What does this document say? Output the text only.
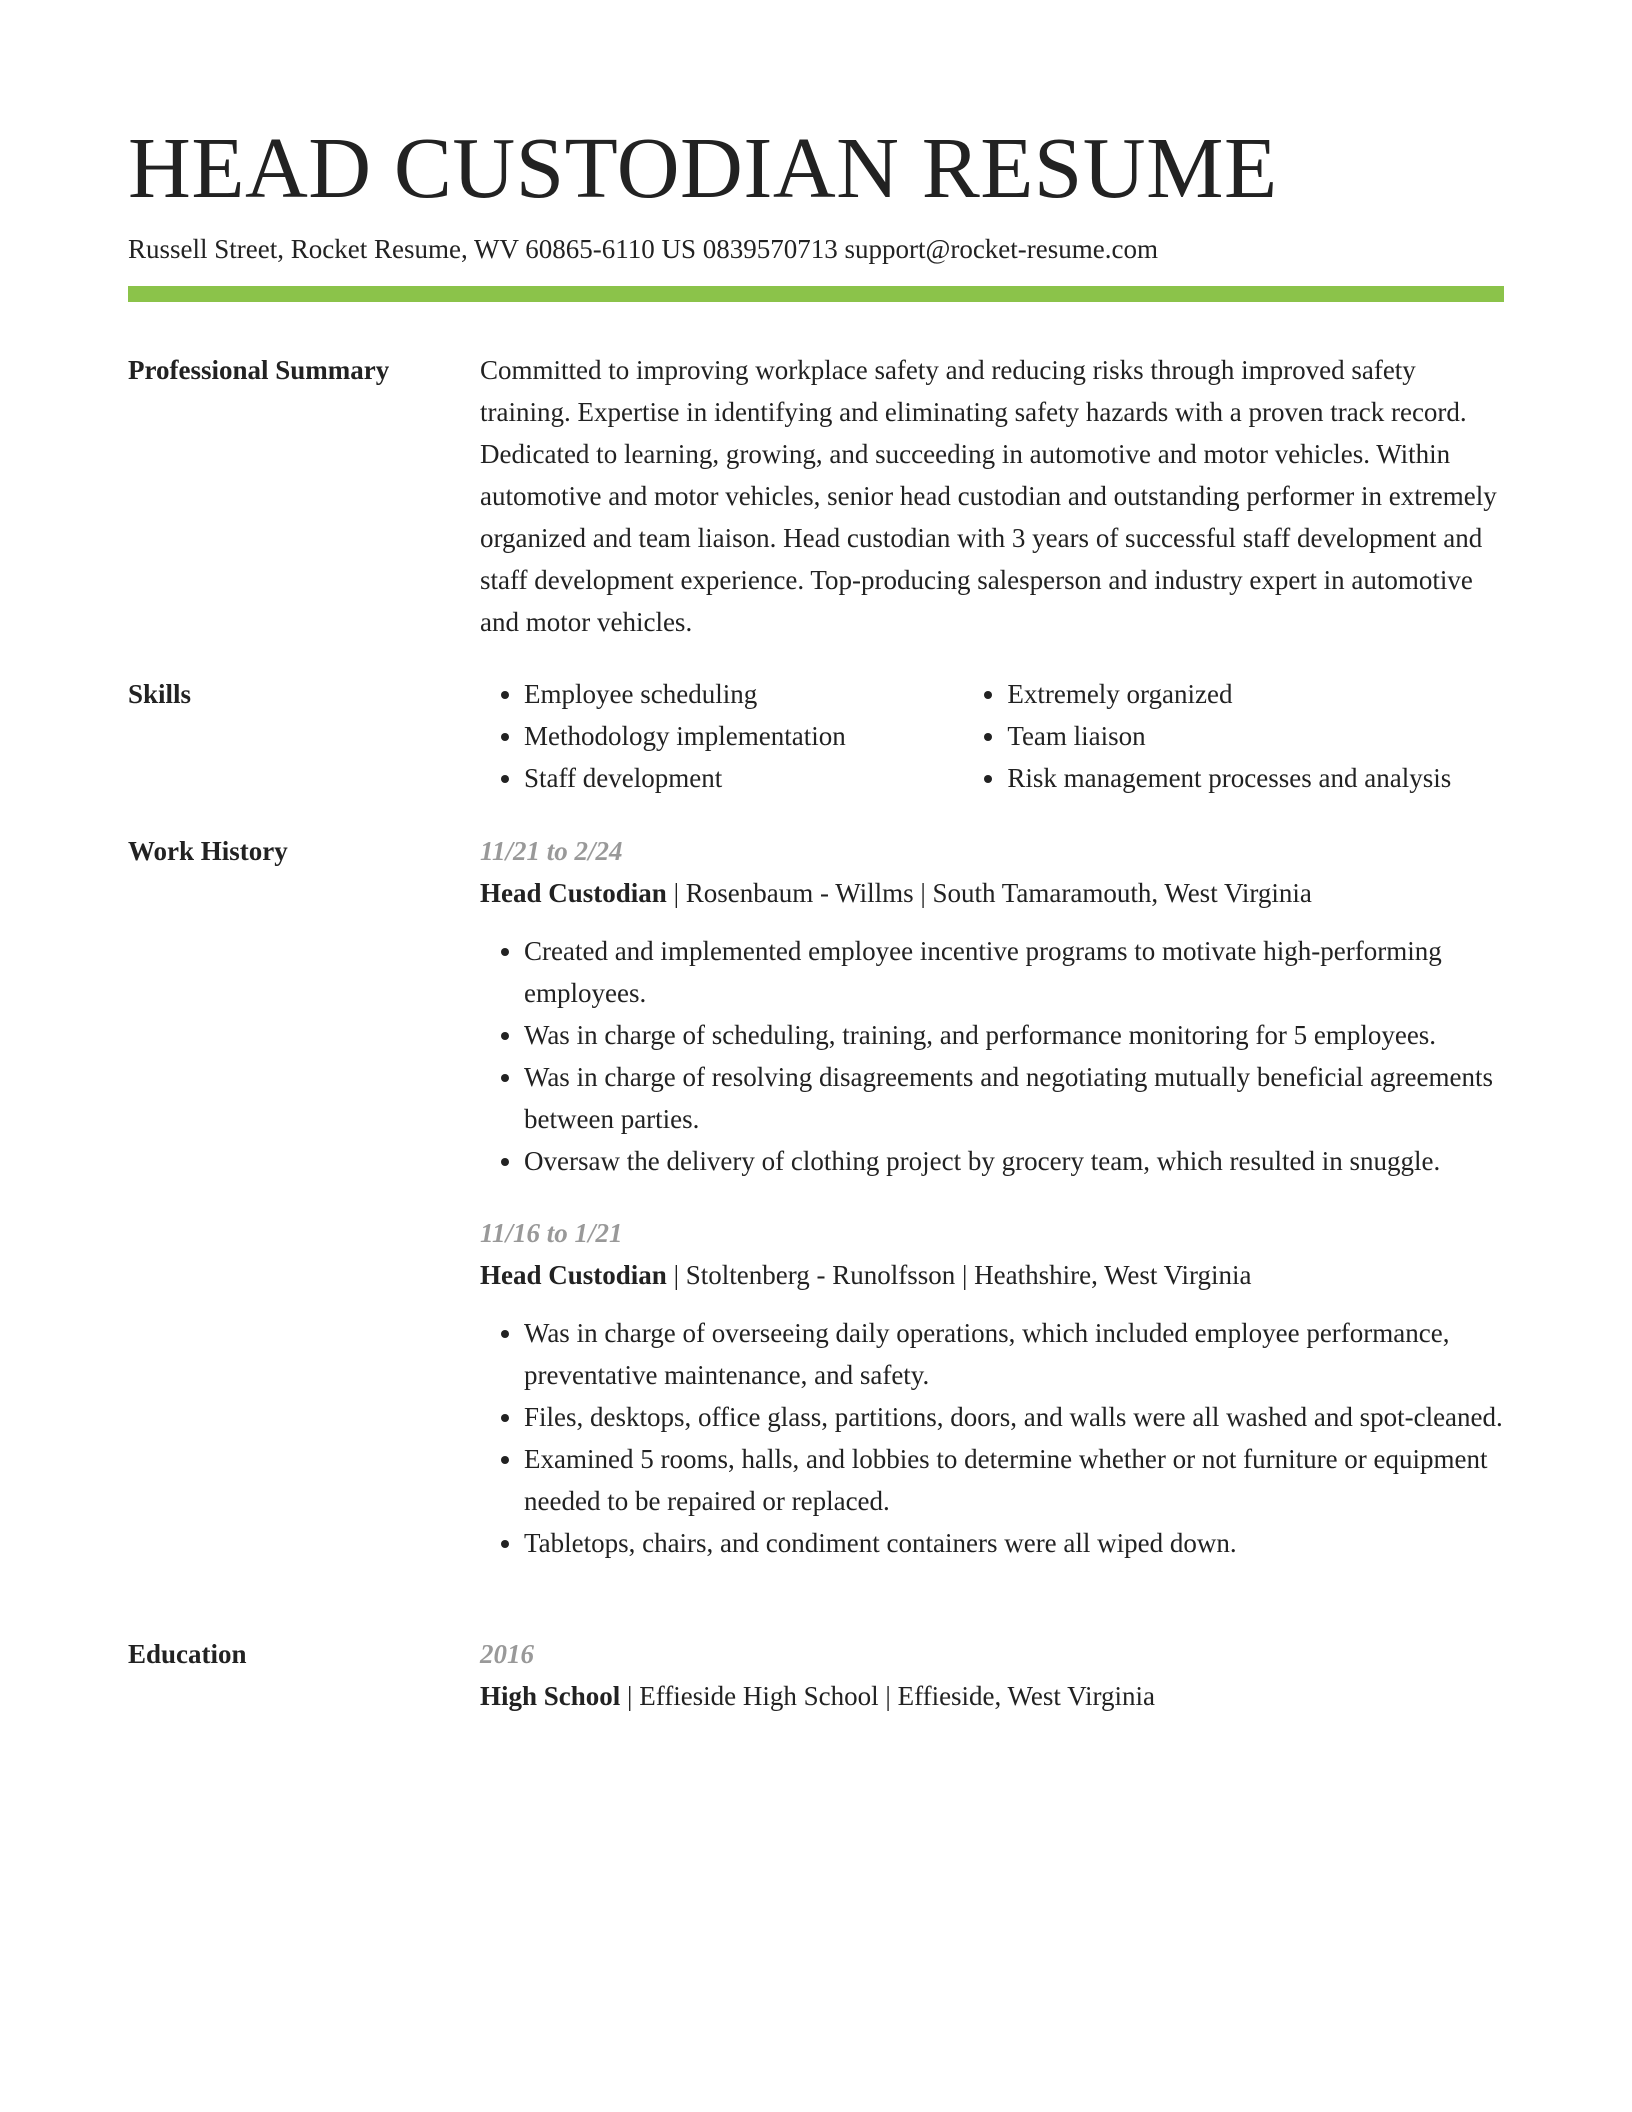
HEAD CUSTODIAN RESUME
Russell Street, Rocket Resume, WV 60865-6110 US 0839570713 support@rocket-resume.com
Professional Summary	Committed to improving workplace safety and reducing risks through improved safety training. Expertise in identifying and eliminating safety hazards with a proven track record. Dedicated to learning, growing, and succeeding in automotive and motor vehicles. Within automotive and motor vehicles, senior head custodian and outstanding performer in extremely organized and team liaison. Head custodian with 3 years of successful staff development and staff development experience. Top-producing salesperson and industry expert in automotive and motor vehicles.

Skills	• Employee scheduling
• Methodology implementation
• Staff development
• Extremely organized
• Team liaison
• Risk management processes and analysis
Work History	11/21 to 2/24
Head Custodian | Rosenbaum - Willms | South Tamaramouth, West Virginia
• Created and implemented employee incentive programs to motivate high-performing employees.
• Was in charge of scheduling, training, and performance monitoring for 5 employees.
• Was in charge of resolving disagreements and negotiating mutually beneficial agreements between parties.
• Oversaw the delivery of clothing project by grocery team, which resulted in snuggle.
11/16 to 1/21
Head Custodian | Stoltenberg - Runolfsson | Heathshire, West Virginia
• Was in charge of overseeing daily operations, which included employee performance, preventative maintenance, and safety.
• Files, desktops, office glass, partitions, doors, and walls were all washed and spot-cleaned.
• Examined 5 rooms, halls, and lobbies to determine whether or not furniture or equipment needed to be repaired or replaced.
• Tabletops, chairs, and condiment containers were all wiped down.
Education	2016
High School | Effieside High School | Effieside, West Virginia
